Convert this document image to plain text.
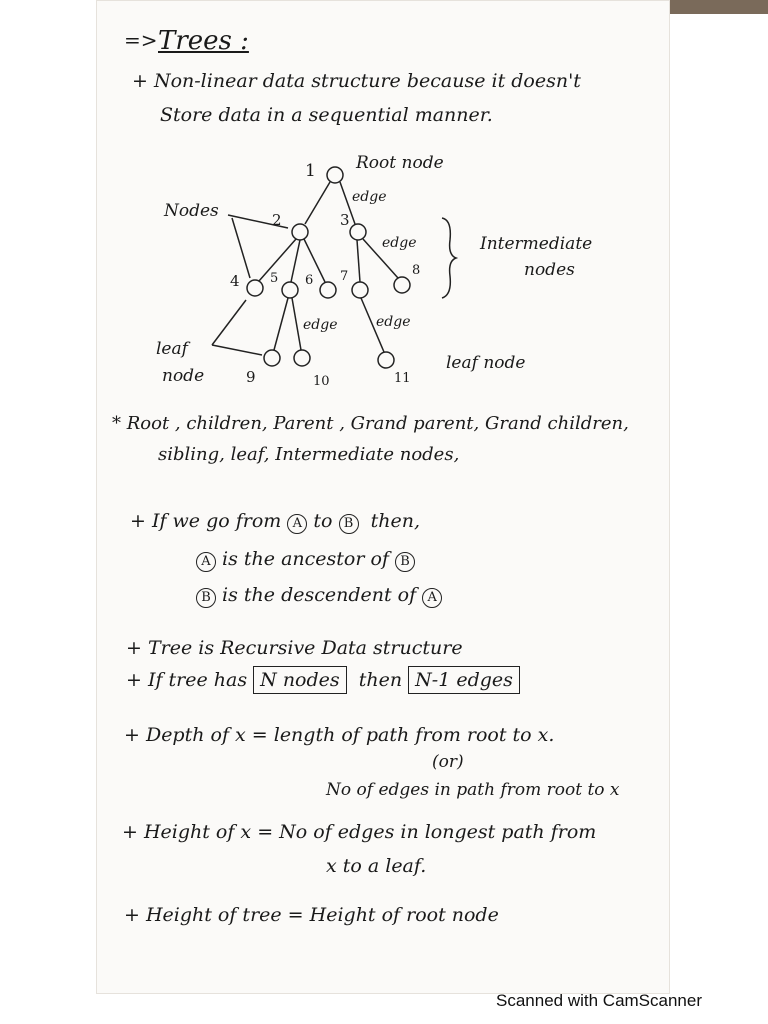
=> Trees :
+ Non-linear data structure because it doesn't
Store data in a sequential manner.
1 Root node
edge
Nodes	2	3
edge	Intermediate
nodes
4 5 6 7	8
edge	edge
leaf
node	9	10	11
leaf node
* Root , children, Parent , Grand parent, Grand children,
sibling, leaf, Intermediate nodes,
+ If we go from A to B then,
A is the ancestor of B
B is the descendent of A
+ Tree is Recursive Data structure
+ If tree has N nodes then N-1 edges
+ Depth of x = length of path from root to x.
(or)
No of edges in path from root to x
+ Height of x = No of edges in longest path from
x to a leaf.
+ Height of tree = Height of root node
Scanned with CamScanner
